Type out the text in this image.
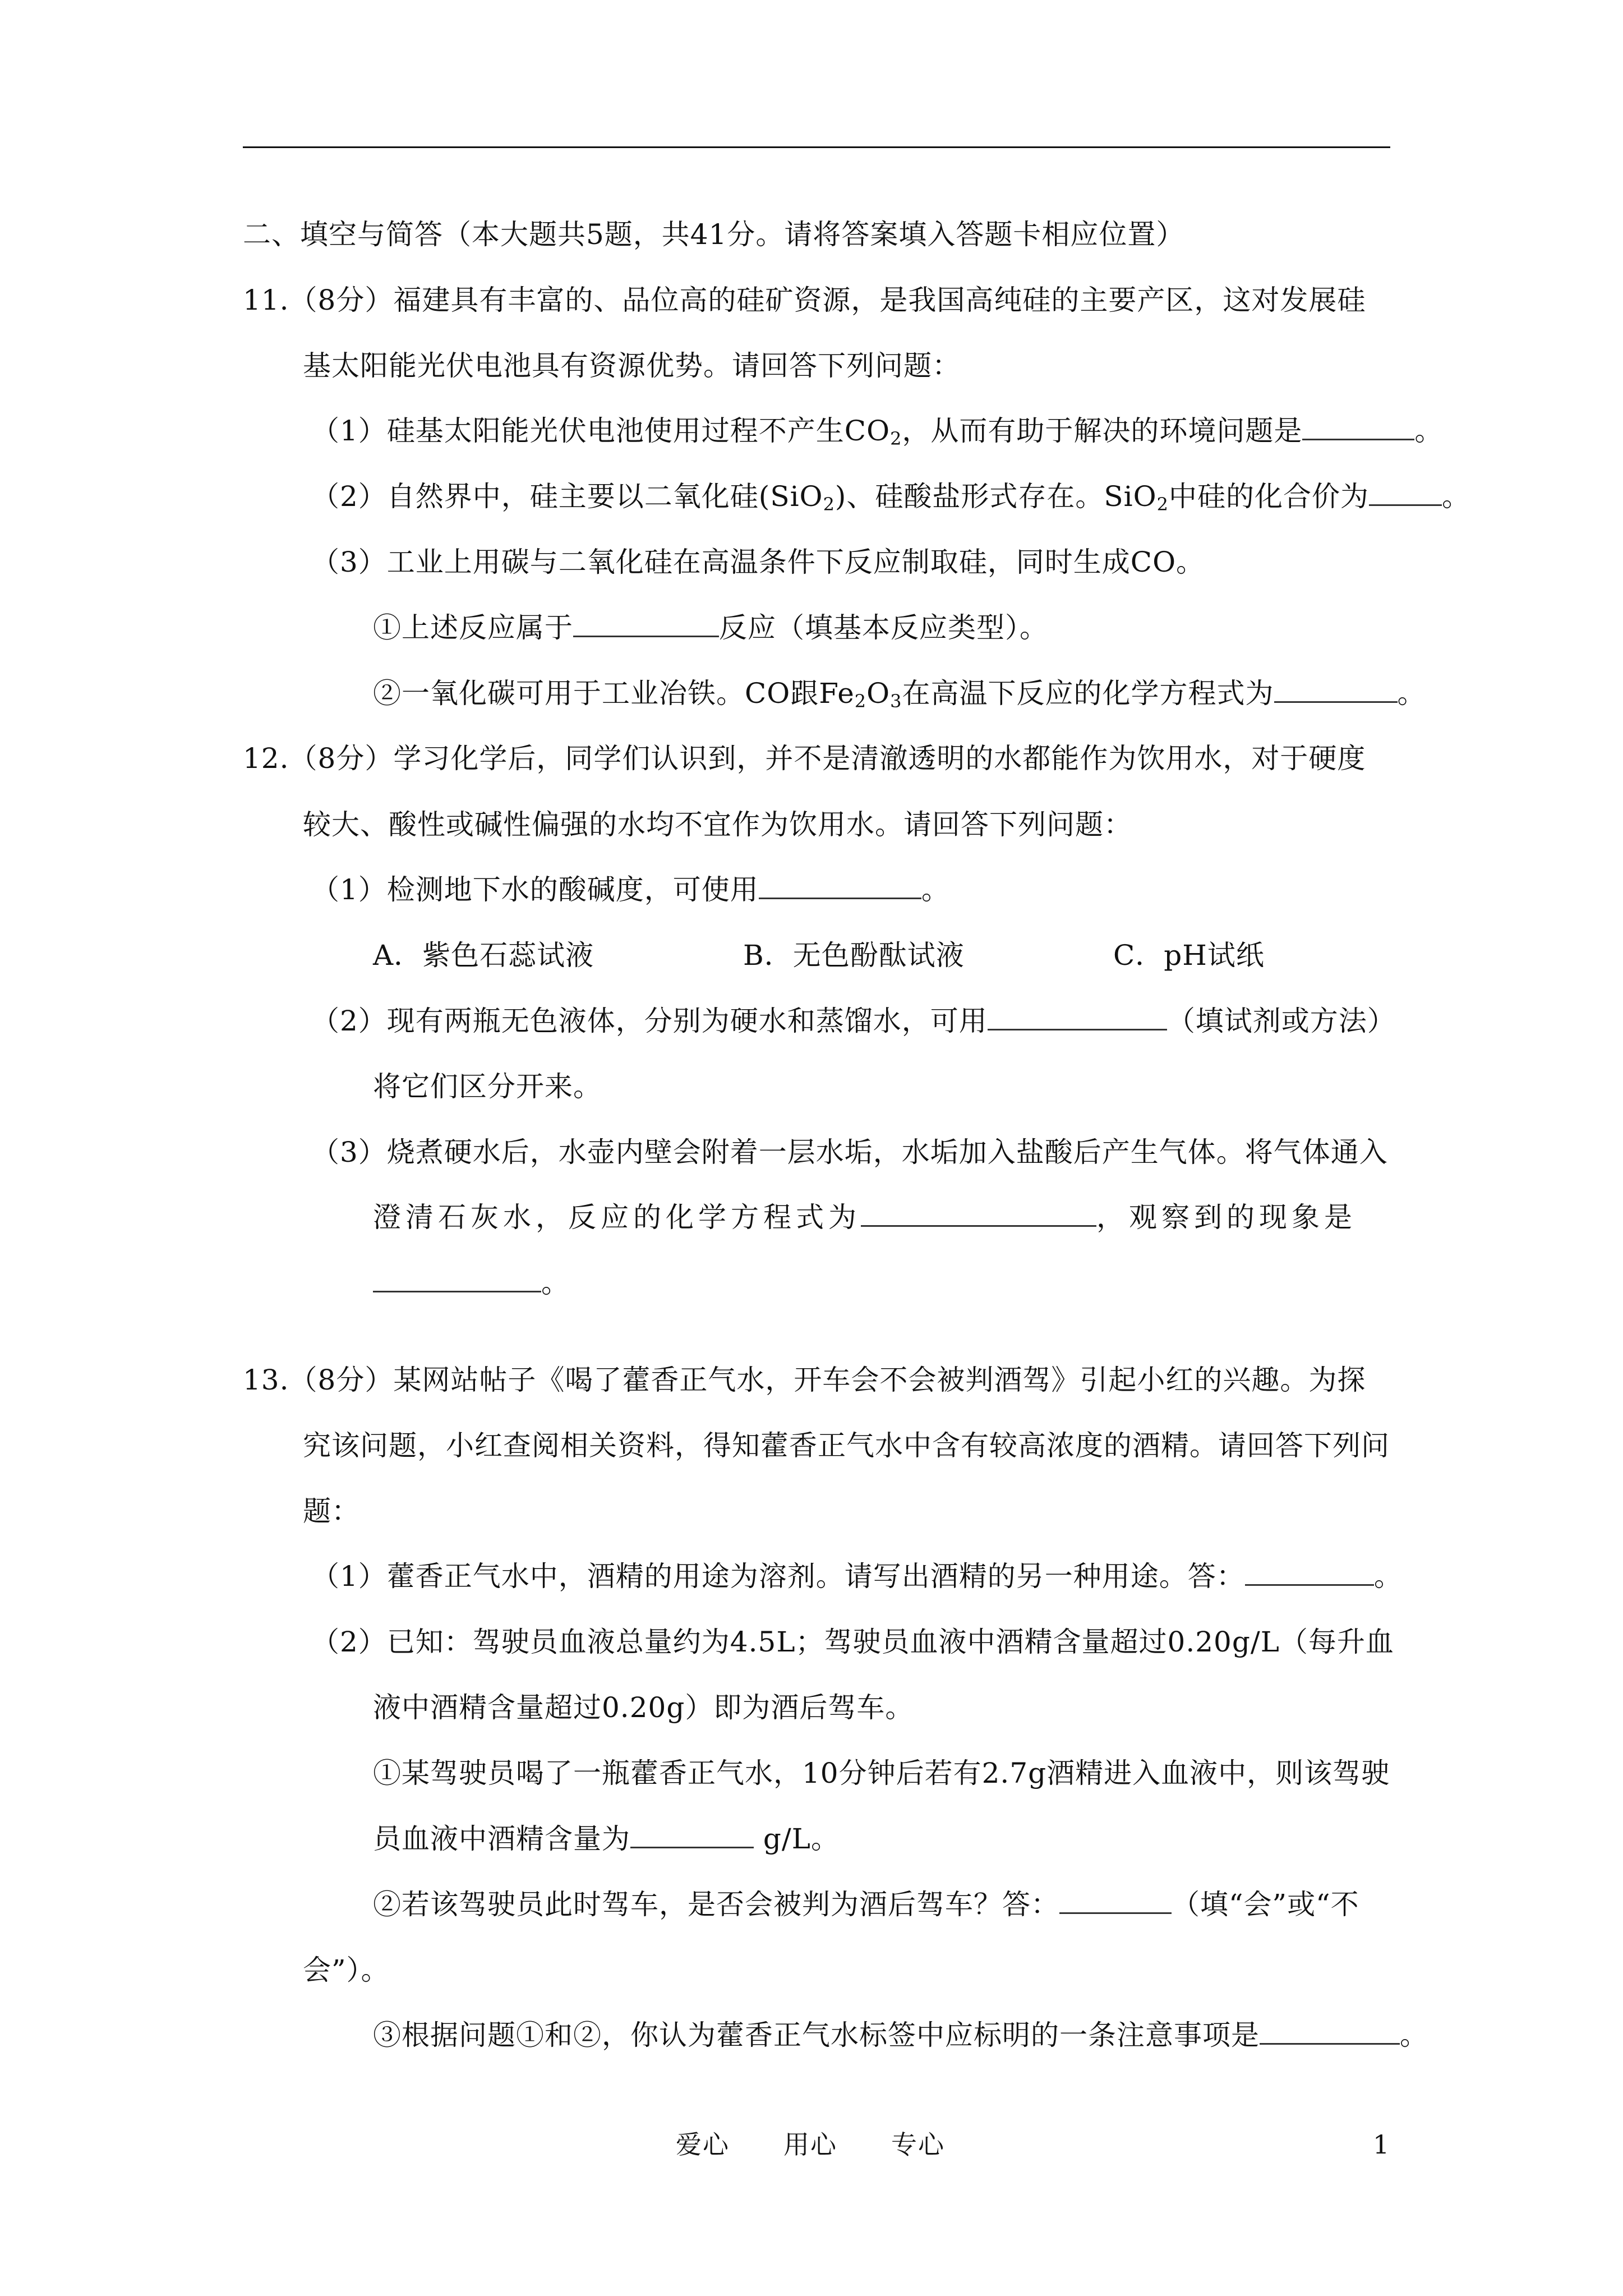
二、填空与简答（本大题共5题，共41分。请将答案填入答题卡相应位置）
11.（8分）福建具有丰富的、品位高的硅矿资源，是我国高纯硅的主要产区，这对发展硅
基太阳能光伏电池具有资源优势。请回答下列问题：
（1）硅基太阳能光伏电池使用过程不产生$CO_2$，从而有助于解决的环境问题是	。
（2）自然界中，硅主要以二氧化硅(SiO$_2$)、硅酸盐形式存在。SiO$_2$中硅的化合价为	。
（3）工业上用碳与二氧化硅在高温条件下反应制取硅，同时生成CO。
①上述反应属于	反应（填基本反应类型）。
②一氧化碳可用于工业冶铁。CO跟$Fe_2O_3$在高温下反应的化学方程式为	。
12.（8分）学习化学后，同学们认识到，并不是清澈透明的水都能作为饮用水，对于硬度
较大、酸性或碱性偏强的水均不宜作为饮用水。请回答下列问题：
（1）检测地下水的酸碱度，可使用	。
A．紫色石蕊试液	B．无色酚酞试液	C．pH试纸
（2）现有两瓶无色液体，分别为硬水和蒸馏水，可用	（填试剂或方法）
将它们区分开来。
（3）烧煮硬水后，水壶内壁会附着一层水垢，水垢加入盐酸后产生气体。将气体通入
澄清石灰水，反应的化学方程式为	，观察到的现象是
。
13.（8分）某网站帖子《喝了藿香正气水，开车会不会被判酒驾》引起小红的兴趣。为探
究该问题，小红查阅相关资料，得知藿香正气水中含有较高浓度的酒精。请回答下列问
题：
（1）藿香正气水中，酒精的用途为溶剂。请写出酒精的另一种用途。答：	。
（2）已知：驾驶员血液总量约为4.5L；驾驶员血液中酒精含量超过0.20g/L（每升血
液中酒精含量超过0.20g）即为酒后驾车。
①某驾驶员喝了一瓶藿香正气水，10分钟后若有2.7g酒精进入血液中，则该驾驶
员血液中酒精含量为	g/L。
②若该驾驶员此时驾车，是否会被判为酒后驾车？答：	（填“会”或“不
会”）。
③根据问题①和②，你认为藿香正气水标签中应标明的一条注意事项是	。
爱心　　用心　　专心	1
